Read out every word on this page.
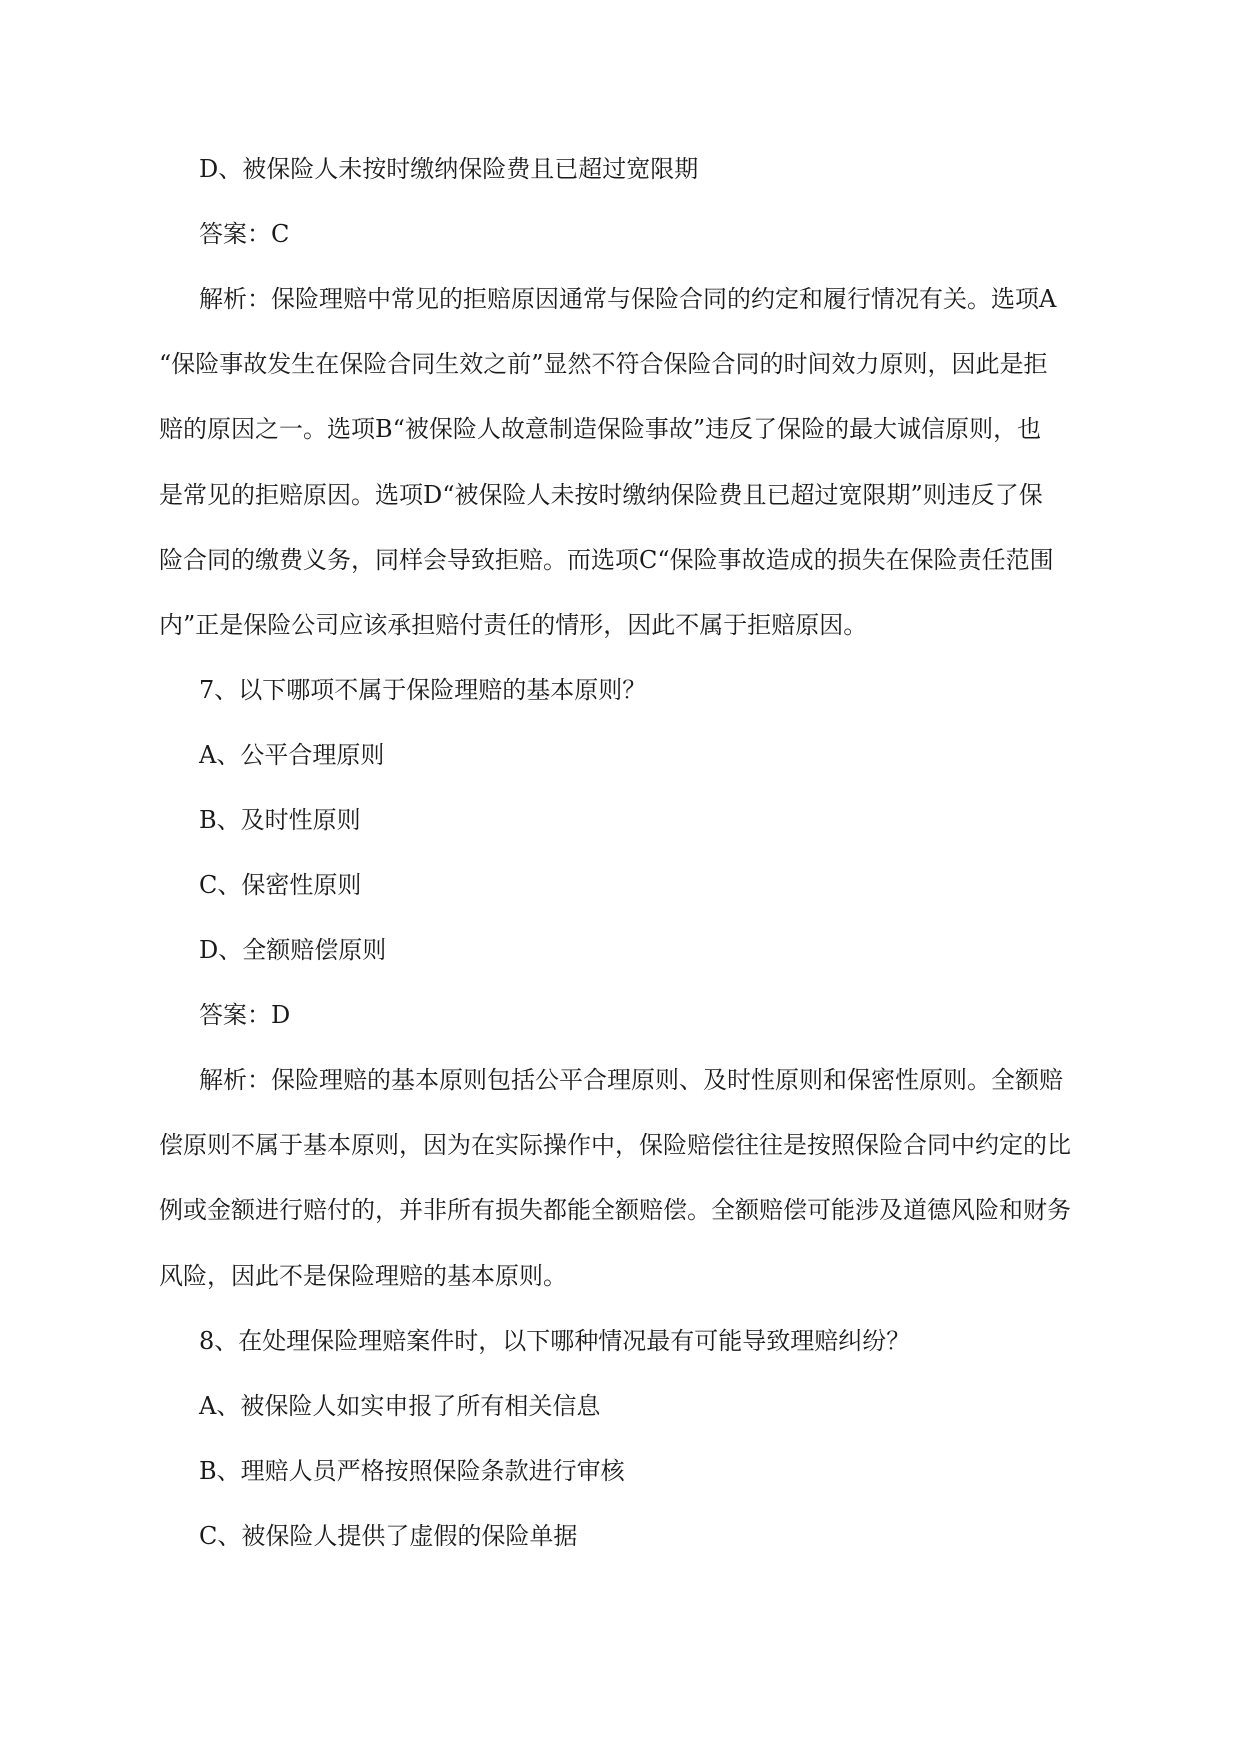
D、被保险人未按时缴纳保险费且已超过宽限期

答案：C

解析：保险理赔中常见的拒赔原因通常与保险合同的约定和履行情况有关。选项A
“保险事故发生在保险合同生效之前”显然不符合保险合同的时间效力原则，因此是拒
赔的原因之一。选项B“被保险人故意制造保险事故”违反了保险的最大诚信原则，也
是常见的拒赔原因。选项D“被保险人未按时缴纳保险费且已超过宽限期”则违反了保
险合同的缴费义务，同样会导致拒赔。而选项C“保险事故造成的损失在保险责任范围
内”正是保险公司应该承担赔付责任的情形，因此不属于拒赔原因。

7、以下哪项不属于保险理赔的基本原则？

A、公平合理原则

B、及时性原则

C、保密性原则

D、全额赔偿原则

答案：D

解析：保险理赔的基本原则包括公平合理原则、及时性原则和保密性原则。全额赔
偿原则不属于基本原则，因为在实际操作中，保险赔偿往往是按照保险合同中约定的比
例或金额进行赔付的，并非所有损失都能全额赔偿。全额赔偿可能涉及道德风险和财务
风险，因此不是保险理赔的基本原则。

8、在处理保险理赔案件时，以下哪种情况最有可能导致理赔纠纷？

A、被保险人如实申报了所有相关信息

B、理赔人员严格按照保险条款进行审核

C、被保险人提供了虚假的保险单据
